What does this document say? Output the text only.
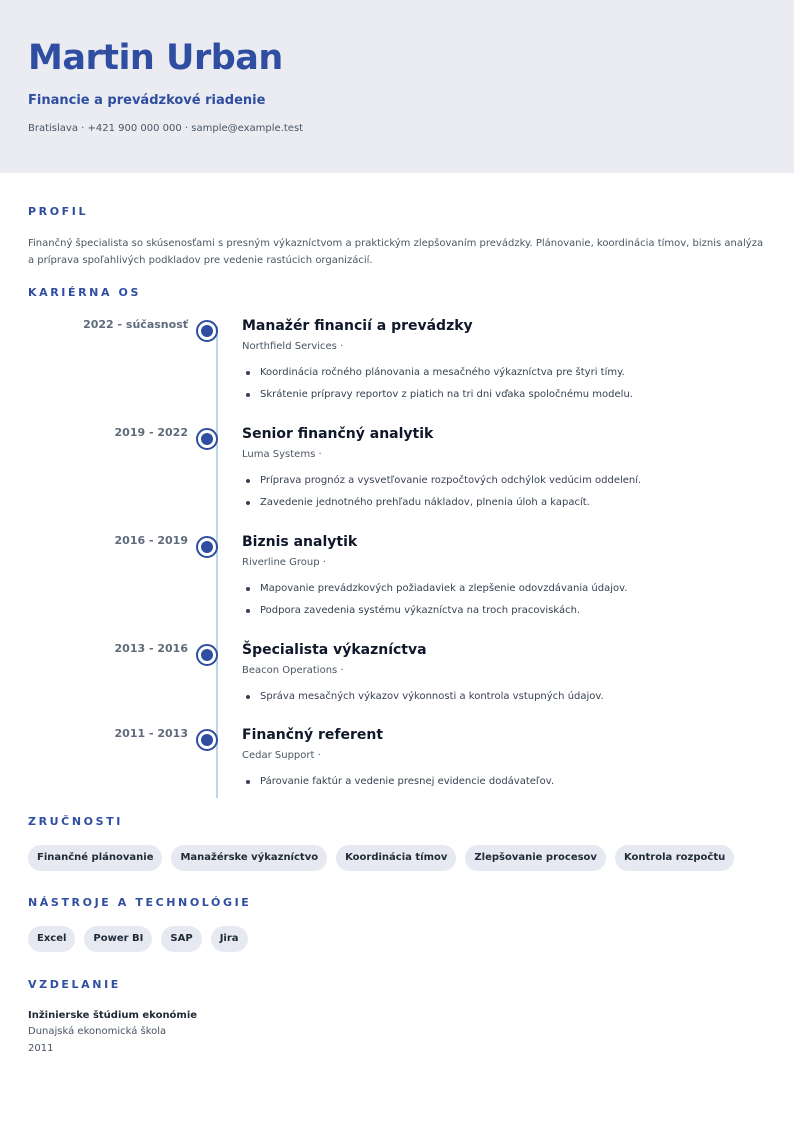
Martin Urban
Financie a prevádzkové riadenie
Bratislava · +421 900 000 000 · sample@example.test
PROFIL

Finančný špecialista so skúsenosťami s presným výkazníctvom a praktickým zlepšovaním prevádzky. Plánovanie, koordinácia tímov, biznis analýza a príprava spoľahlivých podkladov pre vedenie rastúcich organizácií.

KARIÉRNA OS
2022 - súčasnosť	Manažér financií a prevádzky
Northfield Services ·
Koordinácia ročného plánovania a mesačného výkazníctva pre štyri tímy.
Skrátenie prípravy reportov z piatich na tri dni vďaka spoločnému modelu.
2019 - 2022	Senior finančný analytik
Luma Systems ·
Príprava prognóz a vysvetľovanie rozpočtových odchýlok vedúcim oddelení.
Zavedenie jednotného prehľadu nákladov, plnenia úloh a kapacít.
2016 - 2019	Biznis analytik
Riverline Group ·
Mapovanie prevádzkových požiadaviek a zlepšenie odovzdávania údajov.
Podpora zavedenia systému výkazníctva na troch pracoviskách.
2013 - 2016	Špecialista výkazníctva
Beacon Operations ·
Správa mesačných výkazov výkonnosti a kontrola vstupných údajov.
2011 - 2013	Finančný referent
Cedar Support ·
Párovanie faktúr a vedenie presnej evidencie dodávateľov.
ZRUČNOSTI
Finančné plánovanie	Manažérske výkazníctvo	Koordinácia tímov	Zlepšovanie procesov	Kontrola rozpočtu
NÁSTROJE A TECHNOLÓGIE
Excel	Power BI	SAP	Jira
VZDELANIE
Inžinierske štúdium ekonómie
Dunajská ekonomická škola
2011
